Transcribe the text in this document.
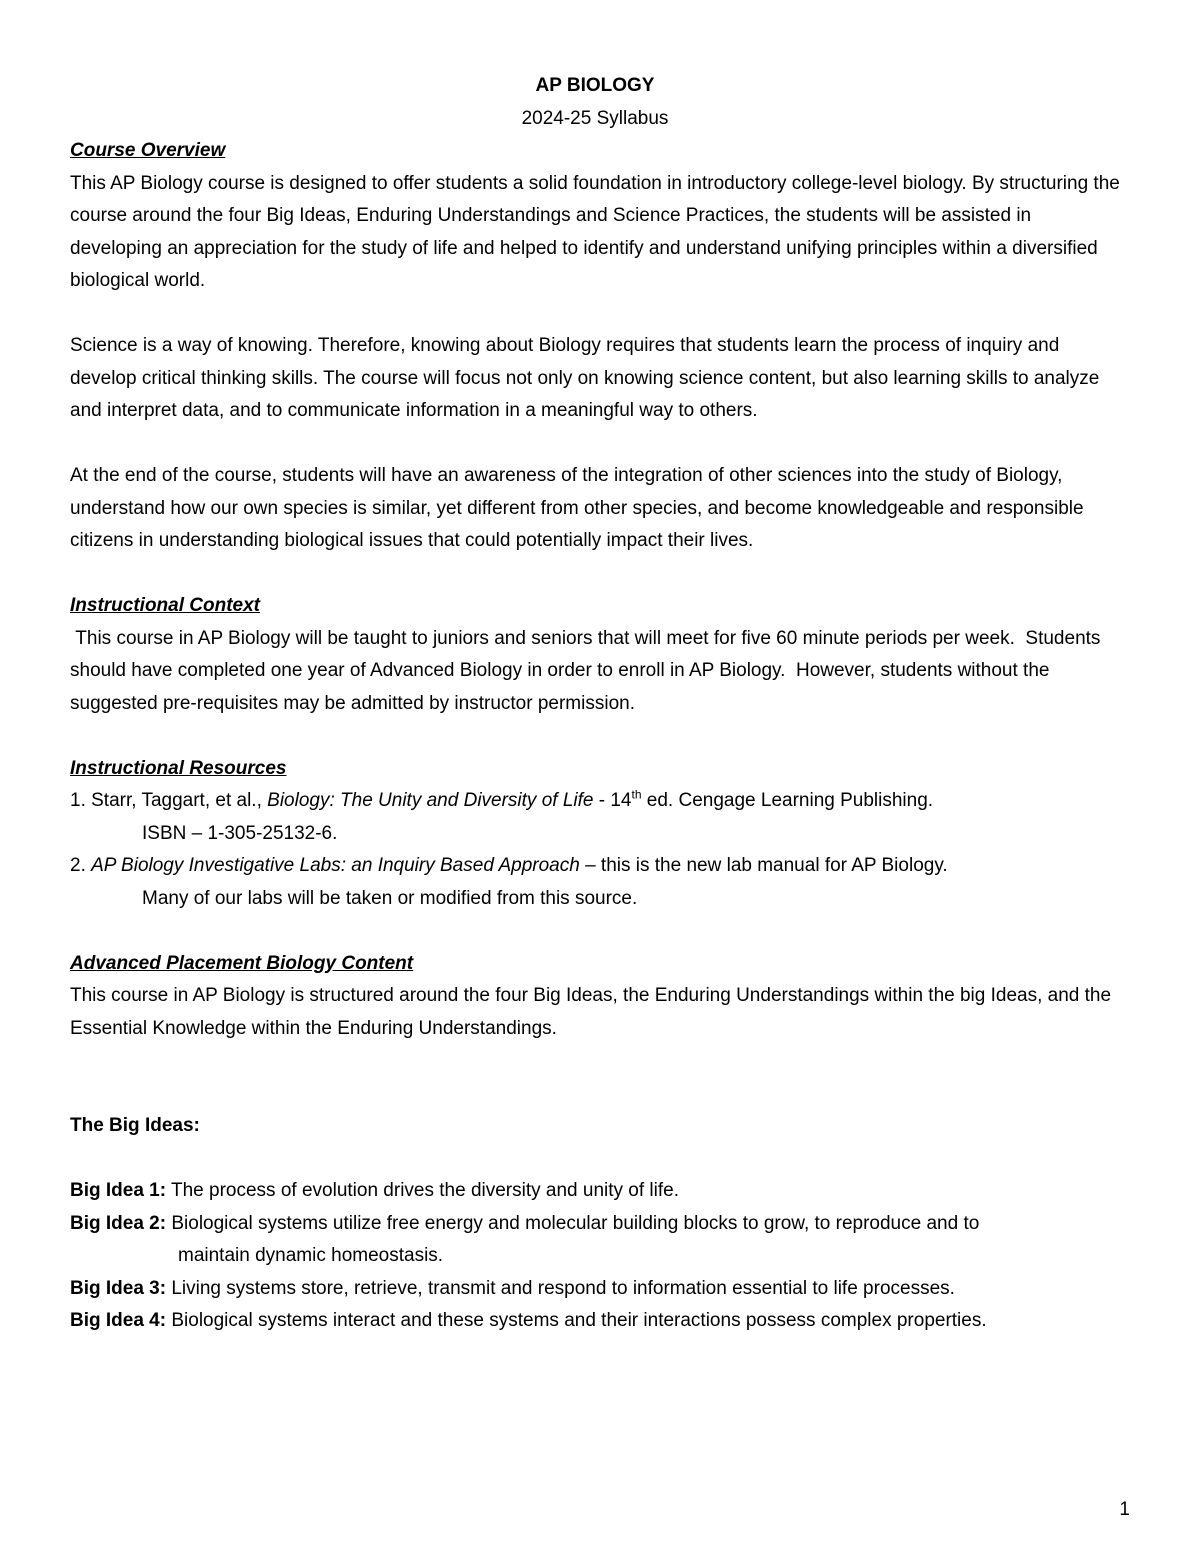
AP BIOLOGY
2024-25 Syllabus
Course Overview

This AP Biology course is designed to offer students a solid foundation in introductory college-level biology. By structuring the course around the four Big Ideas, Enduring Understandings and Science Practices, the students will be assisted in developing an appreciation for the study of life and helped to identify and understand unifying principles within a diversified biological world.

Science is a way of knowing. Therefore, knowing about Biology requires that students learn the process of inquiry and develop critical thinking skills. The course will focus not only on knowing science content, but also learning skills to analyze and interpret data, and to communicate information in a meaningful way to others.

At the end of the course, students will have an awareness of the integration of other sciences into the study of Biology, understand how our own species is similar, yet different from other species, and become knowledgeable and responsible citizens in understanding biological issues that could potentially impact their lives.

Instructional Context

This course in AP Biology will be taught to juniors and seniors that will meet for five 60 minute periods per week.  Students should have completed one year of Advanced Biology in order to enroll in AP Biology.  However, students without the suggested pre-requisites may be admitted by instructor permission.

Instructional Resources

1. Starr, Taggart, et al., Biology: The Unity and Diversity of Life - 14th ed. Cengage Learning Publishing.

ISBN – 1-305-25132-6.

2. AP Biology Investigative Labs: an Inquiry Based Approach – this is the new lab manual for AP Biology.

Many of our labs will be taken or modified from this source.

Advanced Placement Biology Content

This course in AP Biology is structured around the four Big Ideas, the Enduring Understandings within the big Ideas, and the Essential Knowledge within the Enduring Understandings.

The Big Ideas:

Big Idea 1: The process of evolution drives the diversity and unity of life.
Big Idea 2: Biological systems utilize free energy and molecular building blocks to grow, to reproduce and to

maintain dynamic homeostasis.

Big Idea 3: Living systems store, retrieve, transmit and respond to information essential to life processes.
Big Idea 4: Biological systems interact and these systems and their interactions possess complex properties.
1
